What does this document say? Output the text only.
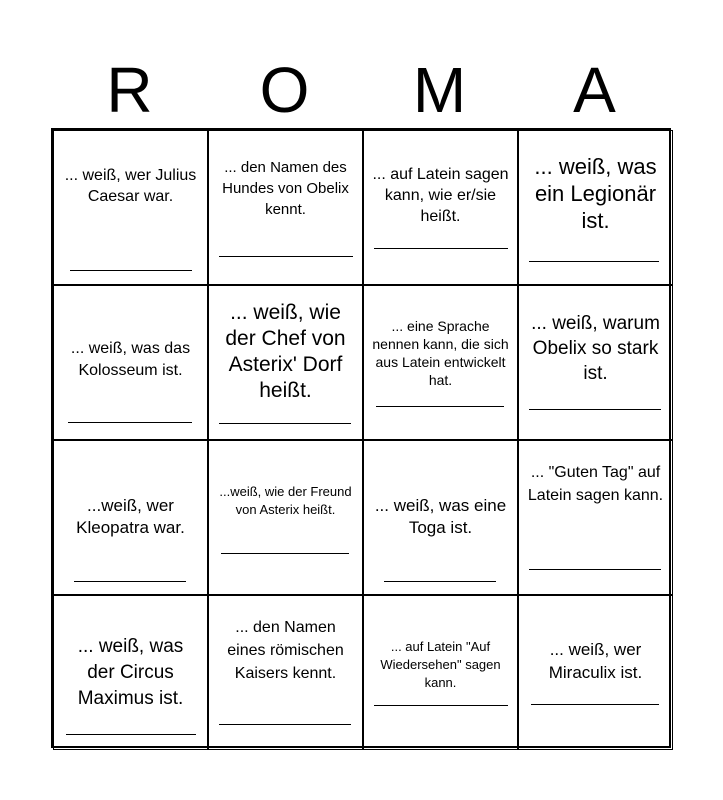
R	O	M	A
... weiß, wer Julius Caesar war.
... den Namen des Hundes von Obelix kennt.
... auf Latein sagen kann, wie er/sie heißt.
... weiß, was ein Legionär ist.
... weiß, was das Kolosseum ist.
... weiß, wie der Chef von Asterix' Dorf heißt.
... eine Sprache nennen kann, die sich aus Latein entwickelt hat.
... weiß, warum Obelix so stark ist.
...weiß, wer Kleopatra war.
...weiß, wie der Freund von Asterix heißt.	... weiß, was eine Toga ist.
... "Guten Tag" auf Latein sagen kann.
... weiß, was der Circus Maximus ist.
... den Namen eines römischen Kaisers kennt.
... auf Latein "Auf Wiedersehen" sagen kann.
... weiß, wer Miraculix ist.
